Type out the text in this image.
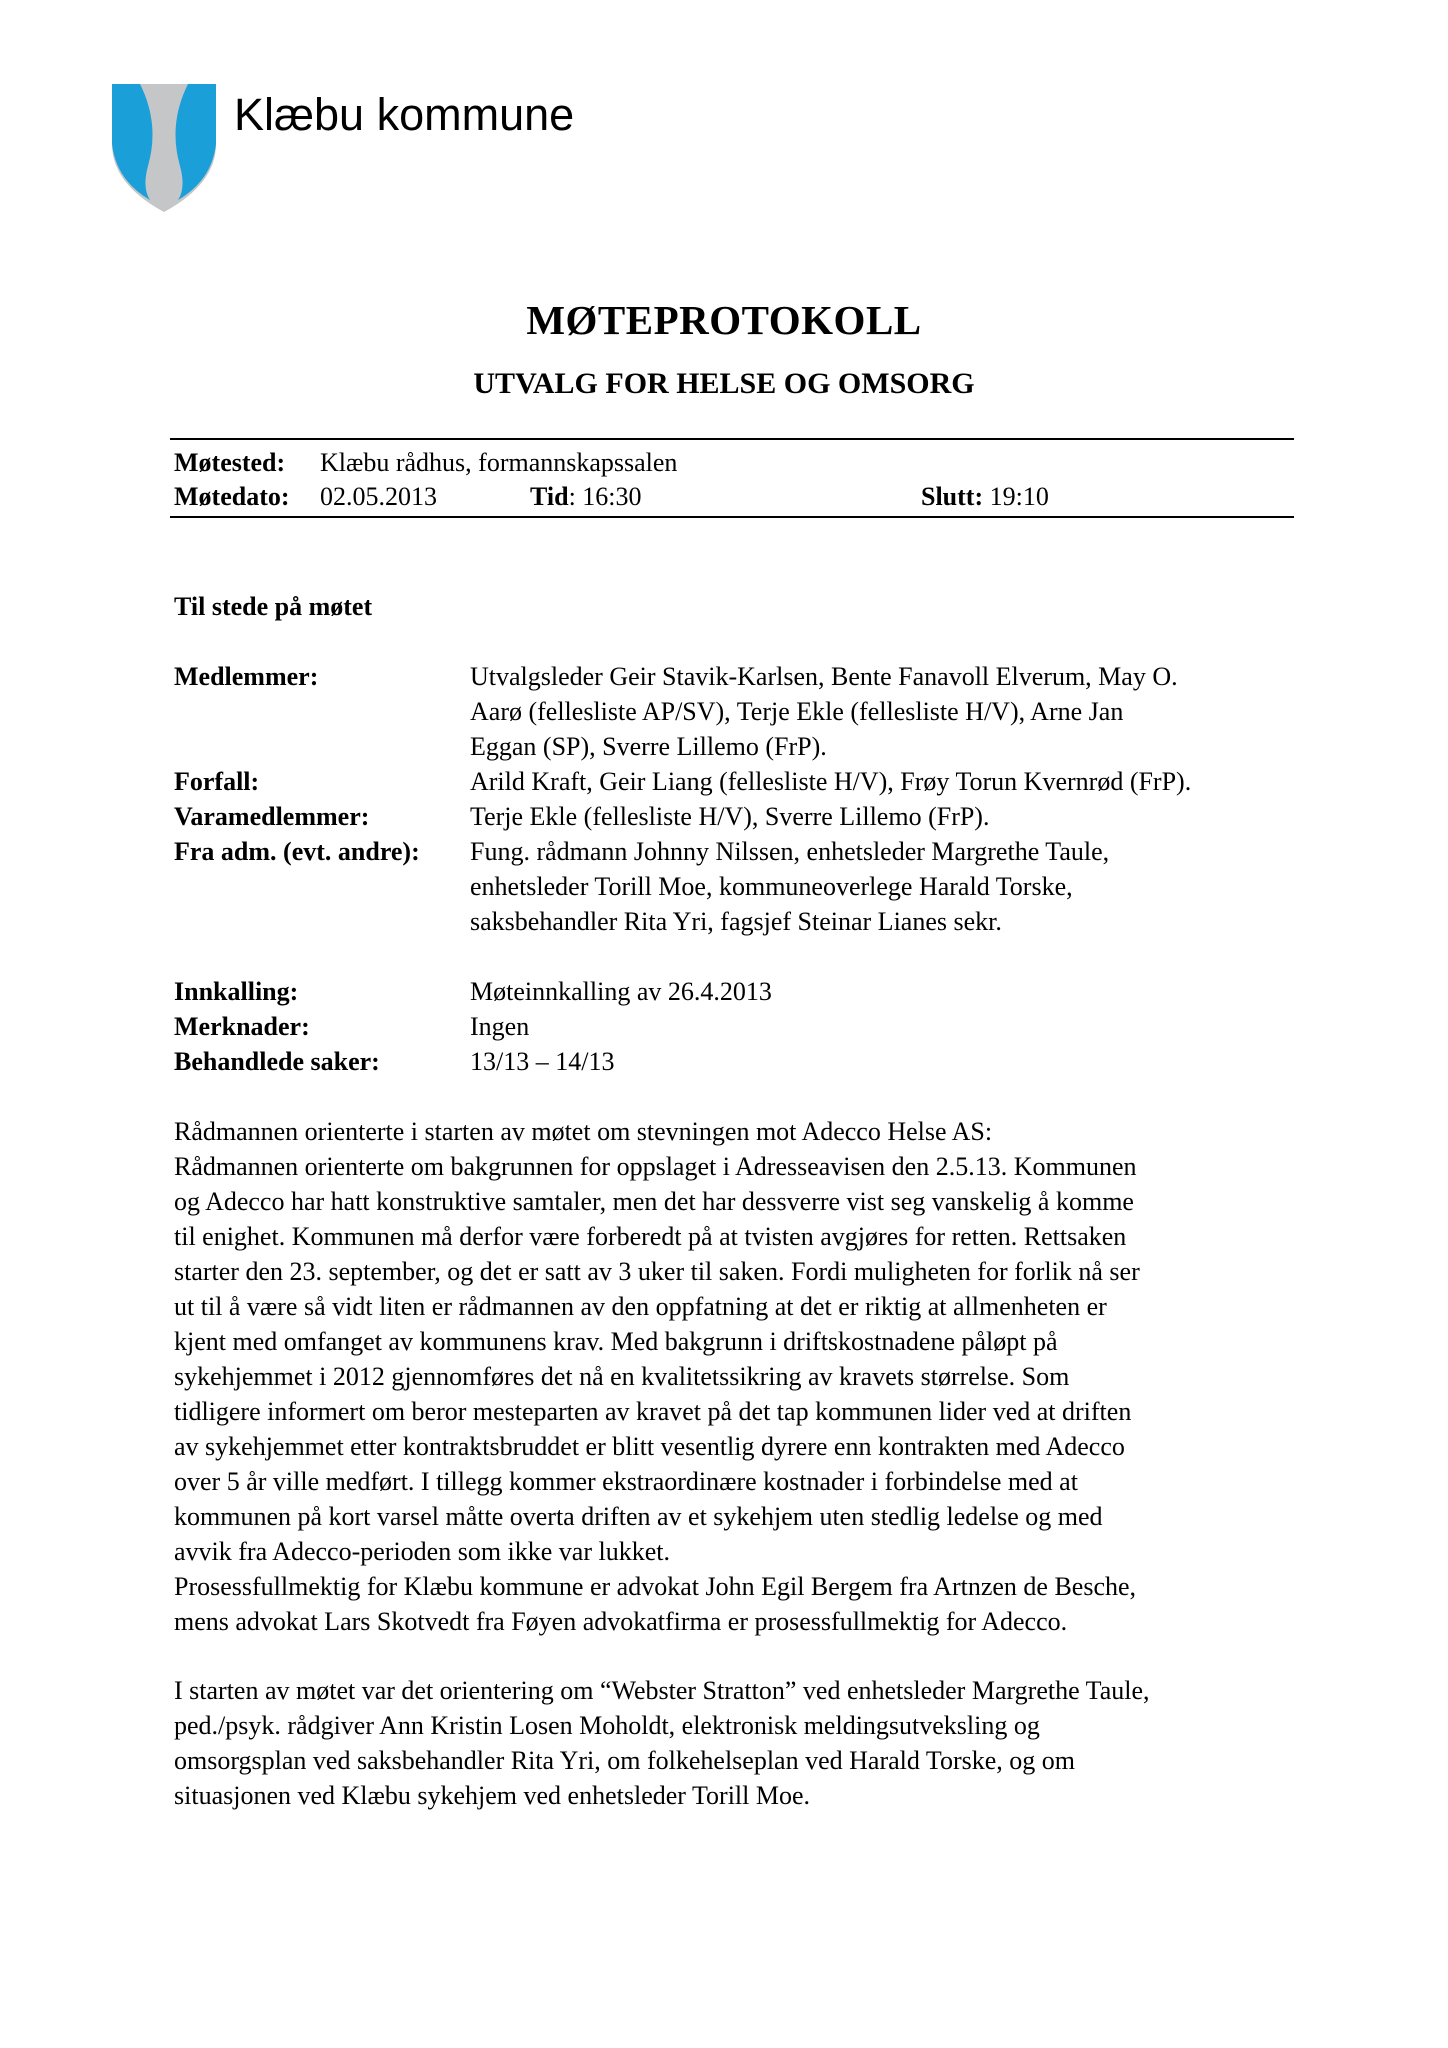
Klæbu kommune
MØTEPROTOKOLL
UTVALG FOR HELSE OG OMSORG
Møtested: Klæbu rådhus, formannskapssalen
Møtedato: 02.05.2013	Tid: 16:30	Slutt: 19:10
Til stede på møtet
Medlemmer:	Utvalgsleder Geir Stavik-Karlsen, Bente Fanavoll Elverum, May O.
Aarø (fellesliste AP/SV), Terje Ekle (fellesliste H/V), Arne Jan
Eggan (SP), Sverre Lillemo (FrP).
Forfall:	Arild Kraft, Geir Liang (fellesliste H/V), Frøy Torun Kvernrød (FrP).
Varamedlemmer:	Terje Ekle (fellesliste H/V), Sverre Lillemo (FrP).
Fra adm. (evt. andre): Fung. rådmann Johnny Nilssen, enhetsleder Margrethe Taule,
enhetsleder Torill Moe, kommuneoverlege Harald Torske,
saksbehandler Rita Yri, fagsjef Steinar Lianes sekr.
Innkalling:	Møteinnkalling av 26.4.2013
Merknader:	Ingen
Behandlede saker:	13/13 – 14/13
Rådmannen orienterte i starten av møtet om stevningen mot Adecco Helse AS:
Rådmannen orienterte om bakgrunnen for oppslaget i Adresseavisen den 2.5.13. Kommunen
og Adecco har hatt konstruktive samtaler, men det har dessverre vist seg vanskelig å komme
til enighet. Kommunen må derfor være forberedt på at tvisten avgjøres for retten. Rettsaken
starter den 23. september, og det er satt av 3 uker til saken. Fordi muligheten for forlik nå ser
ut til å være så vidt liten er rådmannen av den oppfatning at det er riktig at allmenheten er
kjent med omfanget av kommunens krav. Med bakgrunn i driftskostnadene påløpt på
sykehjemmet i 2012 gjennomføres det nå en kvalitetssikring av kravets størrelse. Som
tidligere informert om beror mesteparten av kravet på det tap kommunen lider ved at driften
av sykehjemmet etter kontraktsbruddet er blitt vesentlig dyrere enn kontrakten med Adecco
over 5 år ville medført. I tillegg kommer ekstraordinære kostnader i forbindelse med at
kommunen på kort varsel måtte overta driften av et sykehjem uten stedlig ledelse og med
avvik fra Adecco-perioden som ikke var lukket.
Prosessfullmektig for Klæbu kommune er advokat John Egil Bergem fra Artnzen de Besche,
mens advokat Lars Skotvedt fra Føyen advokatfirma er prosessfullmektig for Adecco.
I starten av møtet var det orientering om “Webster Stratton” ved enhetsleder Margrethe Taule,
ped./psyk. rådgiver Ann Kristin Losen Moholdt, elektronisk meldingsutveksling og
omsorgsplan ved saksbehandler Rita Yri, om folkehelseplan ved Harald Torske, og om
situasjonen ved Klæbu sykehjem ved enhetsleder Torill Moe.
